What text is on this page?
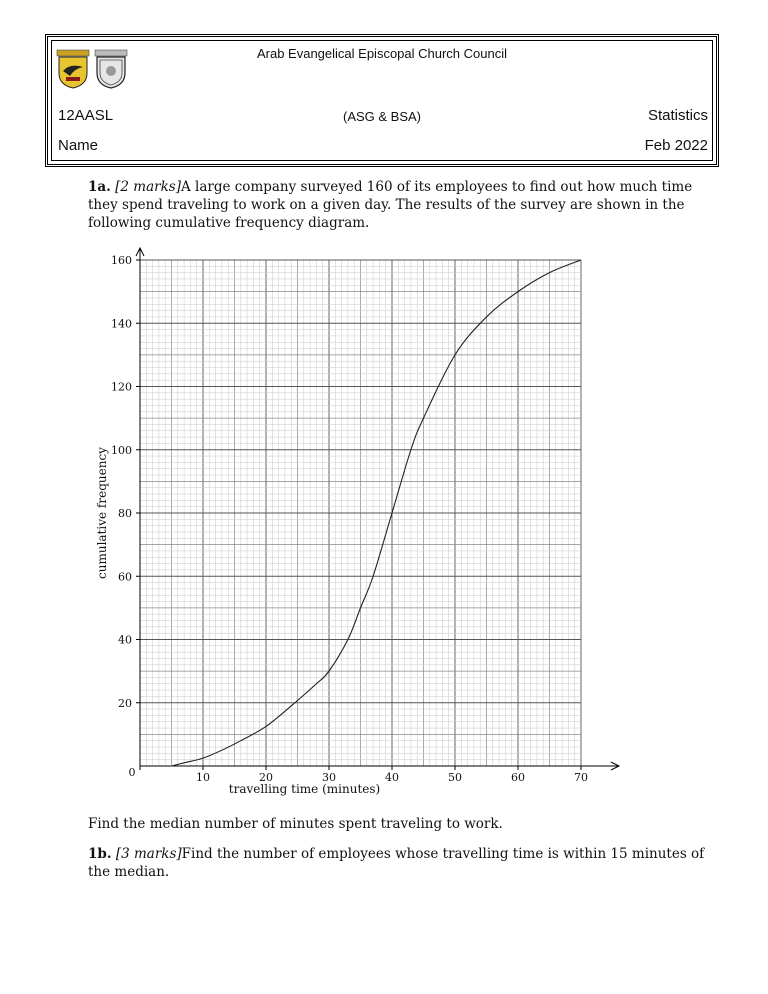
Arab Evangelical Episcopal Church Council
12AASL	(ASG & BSA)	Statistics
Name	Feb 2022
1a. [2 marks]A large company surveyed 160 of its employees to find out how much time they spend traveling to work on a given day. The results of the survey are shown in the following cumulative frequency diagram.
0	10	20	30	40	50	60	70
20
40
60
80
100
120
140
160
travelling time (minutes)
cumulative frequency
Find the median number of minutes spent traveling to work.
1b. [3 marks]Find the number of employees whose travelling time is within 15 minutes of the median.
